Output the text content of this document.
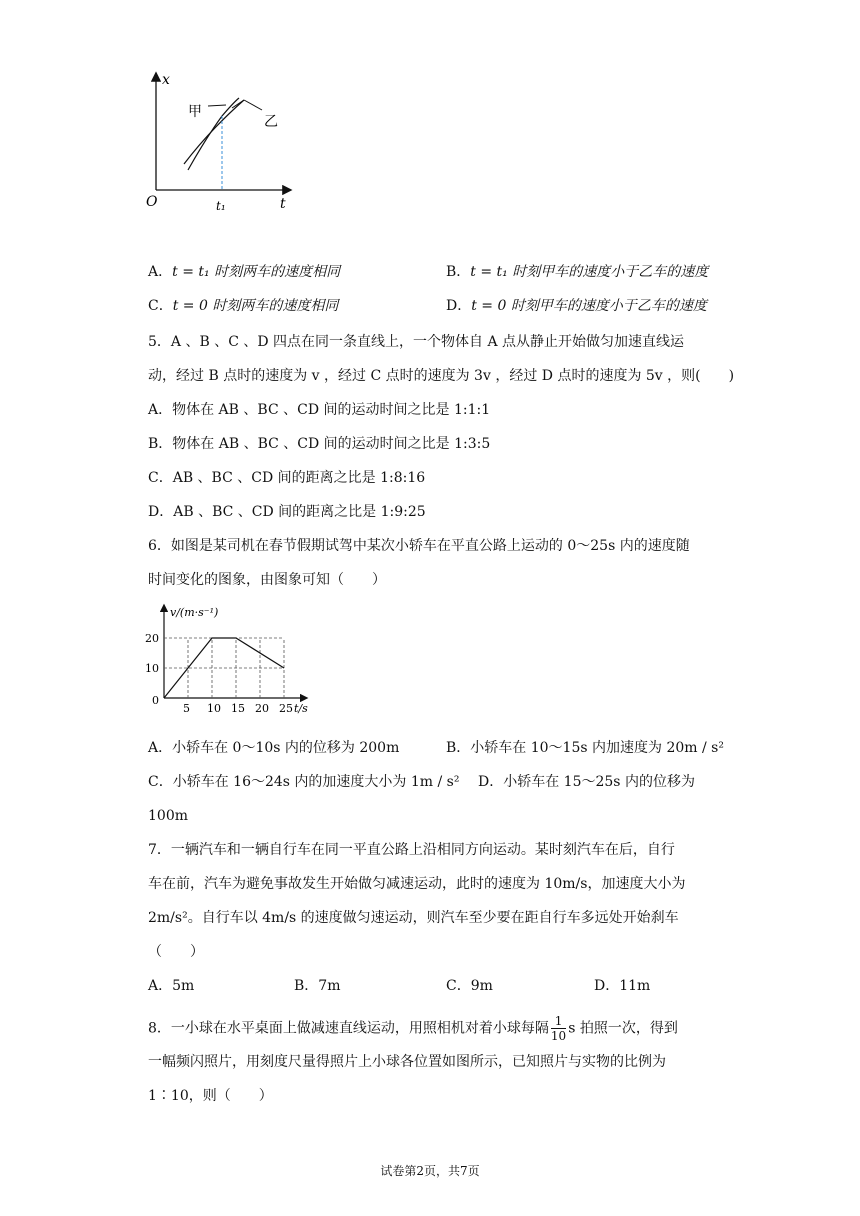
x
t
O	t₁
甲
乙
A．t = t₁ 时刻两车的速度相同	B．t = t₁ 时刻甲车的速度小于乙车的速度
C．t = 0 时刻两车的速度相同	D．t = 0 时刻甲车的速度小于乙车的速度
5．A 、B 、C 、D 四点在同一条直线上，一个物体自 A 点从静止开始做匀加速直线运
动，经过 B 点时的速度为 v ，经过 C 点时的速度为 3v ，经过 D 点时的速度为 5v ，则(　　)
A．物体在 AB 、BC 、CD 间的运动时间之比是 1:1:1
B．物体在 AB 、BC 、CD 间的运动时间之比是 1:3:5
C．AB 、BC 、CD 间的距离之比是 1:8:16
D．AB 、BC 、CD 间的距离之比是 1:9:25
6．如图是某司机在春节假期试驾中某次小轿车在平直公路上运动的 0～25s 内的速度随
时间变化的图象，由图象可知（　　）
0
5 10 15 20 25
10
20
v/(m·s⁻¹)
t/s
A．小轿车在 0～10s 内的位移为 200m	B．小轿车在 10～15s 内加速度为 20m / s²
C．小轿车在 16～24s 内的加速度大小为 1m / s² D．小轿车在 15～25s 内的位移为
100m
7．一辆汽车和一辆自行车在同一平直公路上沿相同方向运动。某时刻汽车在后，自行
车在前，汽车为避免事故发生开始做匀减速运动，此时的速度为 10m/s，加速度大小为
2m/s²。自行车以 4m/s 的速度做匀速运动，则汽车至少要在距自行车多远处开始刹车
（　　）
A．5m	B．7m	C．9m	D．11m
8．一小球在水平桌面上做减速直线运动，用照相机对着小球每隔 $\frac{1}{10}$ s 拍照一次，得到
一幅频闪照片，用刻度尺量得照片上小球各位置如图所示，已知照片与实物的比例为
1∶10，则（　　）
试卷第2页，共7页
